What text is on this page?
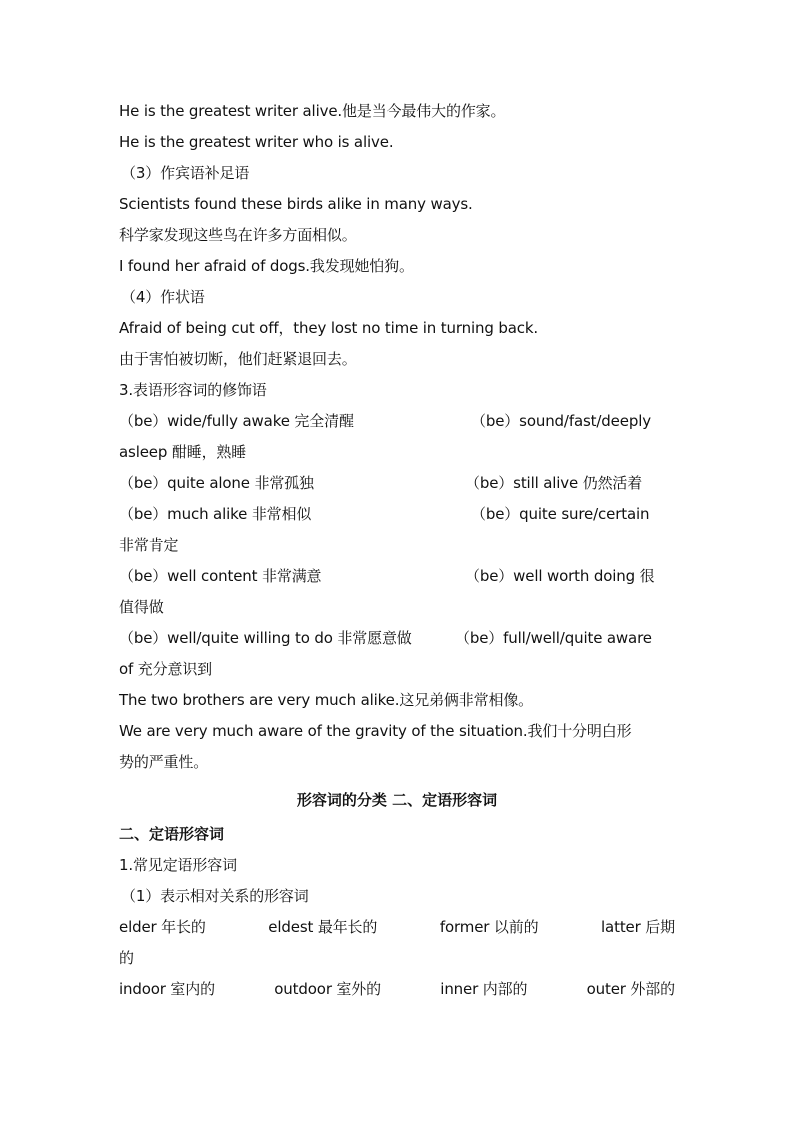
He is the greatest writer alive.他是当今最伟大的作家。
He is the greatest writer who is alive.
（3）作宾语补足语
Scientists found these birds alike in many ways.
科学家发现这些鸟在许多方面相似。
I found her afraid of dogs.我发现她怕狗。
（4）作状语
Afraid of being cut off，they lost no time in turning back.
由于害怕被切断，他们赶紧退回去。
3.表语形容词的修饰语
（be）wide/fully awake 完全清醒	（be）sound/fast/deeply
asleep 酣睡，熟睡
（be）quite alone 非常孤独	（be）still alive 仍然活着
（be）much alike 非常相似	（be）quite sure/certain
非常肯定
（be）well content 非常满意	（be）well worth doing 很
值得做
（be）well/quite willing to do 非常愿意做	（be）full/well/quite aware
of 充分意识到
The two brothers are very much alike.这兄弟俩非常相像。
We are very much aware of the gravity of the situation.我们十分明白形
势的严重性。
形容词的分类 二、定语形容词
二、定语形容词
1.常见定语形容词
（1）表示相对关系的形容词
elder 年长的	eldest 最年长的	former 以前的	latter 后期
的
indoor 室内的	outdoor 室外的	inner 内部的	outer 外部的
